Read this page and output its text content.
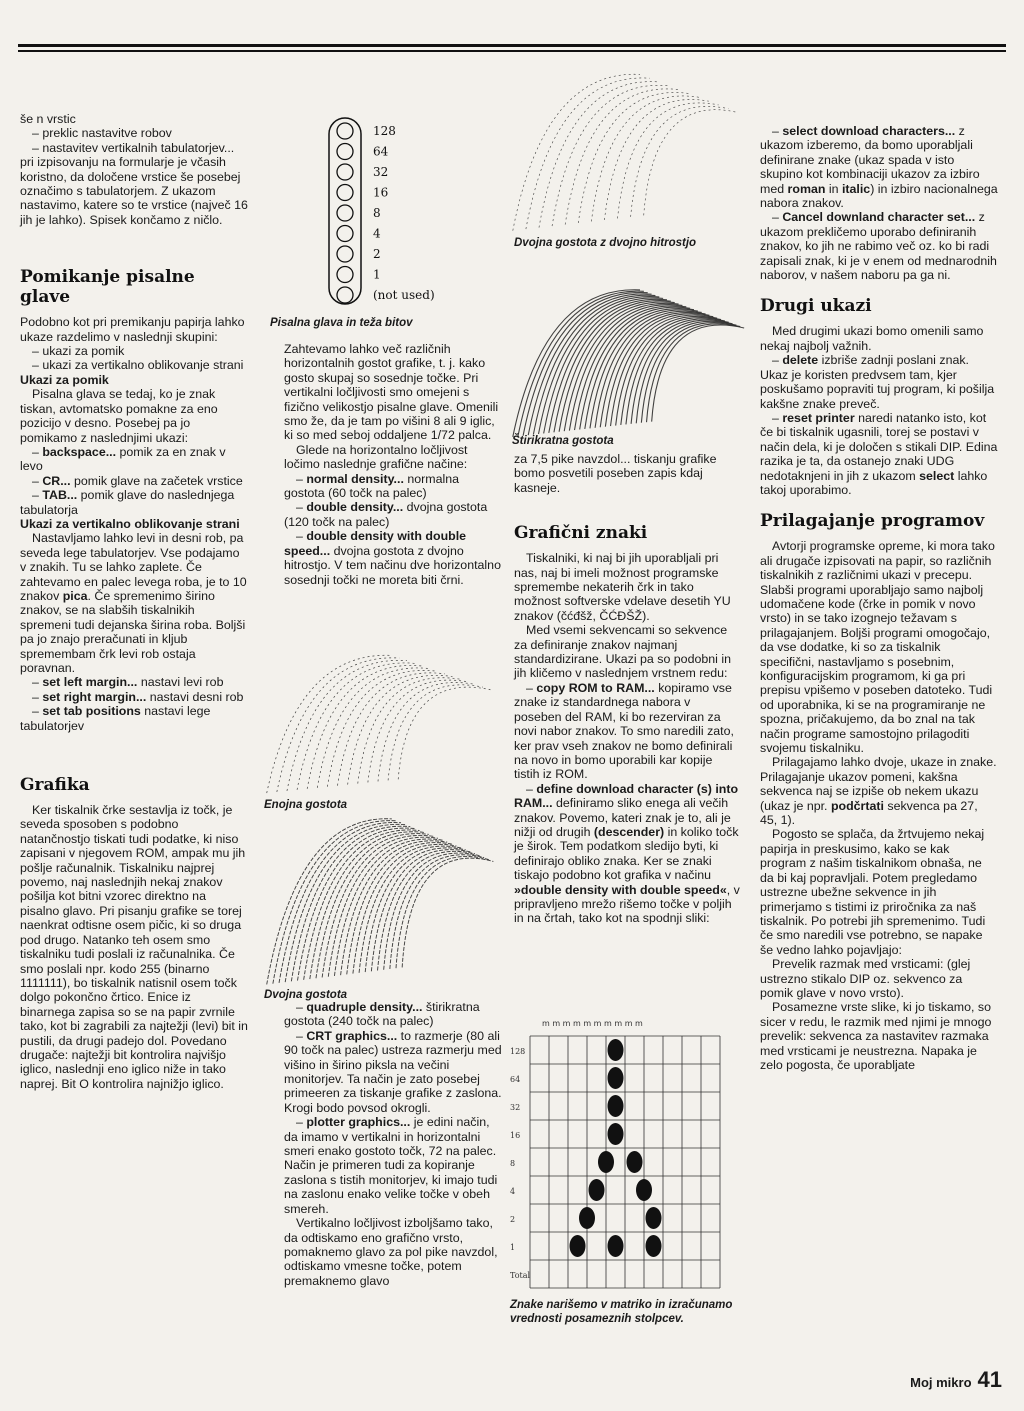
še n vrstic

– preklic nastavitve robov

– nastavitev vertikalnih tabulatorjev... pri izpisovanju na formularje je včasih koristno, da določene vrstice še posebej označimo s tabulatorjem. Z ukazom nastavimo, katere so te vrstice (največ 16 jih je lahko). Spisek končamo z ničlo.

Pomikanje pisalne glave

Podobno kot pri premikanju papirja lahko ukaze razdelimo v naslednji skupini:

– ukazi za pomik

– ukazi za vertikalno oblikovanje strani

Ukazi za pomik

Pisalna glava se tedaj, ko je znak tiskan, avtomatsko pomakne za eno pozicijo v desno. Posebej pa jo pomikamo z naslednjimi ukazi:

– backspace... pomik za en znak v levo

– CR... pomik glave na začetek vrstice

– TAB... pomik glave do naslednjega tabulatorja

Ukazi za vertikalno oblikovanje strani

Nastavljamo lahko levi in desni rob, pa seveda lege tabulatorjev. Vse podajamo v znakih. Tu se lahko zaplete. Če zahtevamo en palec levega roba, je to 10 znakov pica. Če spremenimo širino znakov, se na slabših tiskalnikih spremeni tudi dejanska širina roba. Boljši pa jo znajo preračunati in kljub spremembam črk levi rob ostaja poravnan.

– set left margin... nastavi levi rob

– set right margin... nastavi desni rob

– set tab positions nastavi lege tabulatorjev

Grafika

Ker tiskalnik črke sestavlja iz točk, je seveda sposoben s podobno natančnostjo tiskati tudi podatke, ki niso zapisani v njegovem ROM, ampak mu jih pošlje računalnik. Tiskalniku najprej povemo, naj naslednjih nekaj znakov pošilja kot bitni vzorec direktno na pisalno glavo. Pri pisanju grafike se torej naenkrat odtisne osem pičic, ki so druga pod drugo. Natanko teh osem smo tiskalniku tudi poslali iz računalnika. Če smo poslali npr. kodo 255 (binarno 1111111), bo tiskalnik natisnil osem točk dolgo pokončno črtico. Enice iz binarnega zapisa so se na papir zvrnile tako, kot bi zagrabili za najtežji (levi) bit in pustili, da drugi padejo dol. Povedano drugače: najtežji bit kontrolira najvišjo iglico, naslednji eno iglico niže in tako naprej. Bit O kontrolira najnižjo iglico.

128
64
32
16
8
4
2
1
(not used)
Pisalna glava in teža bitov

Zahtevamo lahko več različnih horizontalnih gostot grafike, t. j. kako gosto skupaj so sosednje točke. Pri vertikalni ločljivosti smo omejeni s fizično velikostjo pisalne glave. Omenili smo že, da je tam po višini 8 ali 9 iglic, ki so med seboj oddaljene 1/72 palca.

Glede na horizontalno ločljivost ločimo naslednje grafične načine:

– normal density... normalna gostota (60 točk na palec)

– double density... dvojna gostota (120 točk na palec)

– double density with double speed... dvojna gostota z dvojno hitrostjo. V tem načinu dve horizontalno sosednji točki ne moreta biti črni.

Enojna gostota
Dvojna gostota

– quadruple density... štirikratna gostota (240 točk na palec)

– CRT graphics... to razmerje (80 ali 90 točk na palec) ustreza razmerju med višino in širino piksla na večini monitorjev. Ta način je zato posebej primeeren za tiskanje grafike z zaslona. Krogi bodo povsod okrogli.

– plotter graphics... je edini način, da imamo v vertikalni in horizontalni smeri enako gostoto točk, 72 na palec. Način je primeren tudi za kopiranje zaslona s tistih monitorjev, ki imajo tudi na zaslonu enako velike točke v obeh smereh.

Vertikalno ločljivost izboljšamo tako, da odtiskamo eno grafično vrsto, pomaknemo glavo za pol pike navzdol, odtiskamo vmesne točke, potem premaknemo glavo

Dvojna gostota z dvojno hitrostjo
Štirikratna gostota

za 7,5 pike navzdol... tiskanju grafike bomo posvetili poseben zapis kdaj kasneje.

Grafični znaki

Tiskalniki, ki naj bi jih uporabljali pri nas, naj bi imeli možnost programske spremembe nekaterih črk in tako možnost softverske vdelave desetih YU znakov (čćđšž, ČĆĐŠŽ).

Med vsemi sekvencami so sekvence za definiranje znakov najmanj standardizirane. Ukazi pa so podobni in jih kličemo v naslednjem vrstnem redu:

– copy ROM to RAM... kopiramo vse znake iz standardnega nabora v poseben del RAM, ki bo rezerviran za novi nabor znakov. To smo naredili zato, ker prav vseh znakov ne bomo definirali na novo in bomo uporabili kar kopije tistih iz ROM.

– define download character (s) into RAM... definiramo sliko enega ali večih znakov. Povemo, kateri znak je to, ali je nižji od drugih (descender) in koliko točk je širok. Tem podatkom sledijo byti, ki definirajo obliko znaka. Ker se znaki tiskajo podobno kot grafika v načinu »double density with double speed«, v pripravljeno mrežo rišemo točke v poljih in na črtah, tako kot na spodnji sliki:

m m m m m m m m m m
128
64
32
16
8
4
2
1
Total
Znake narišemo v matriko in izračunamo vrednosti posameznih stolpcev.

– select download characters... z ukazom izberemo, da bomo uporabljali definirane znake (ukaz spada v isto skupino kot kombinaciji ukazov za izbiro med roman in italic) in izbiro nacionalnega nabora znakov.

– Cancel downland character set... z ukazom prekličemo uporabo definiranih znakov, ko jih ne rabimo več oz. ko bi radi zapisali znak, ki je v enem od mednarodnih naborov, v našem naboru pa ga ni.

Drugi ukazi

Med drugimi ukazi bomo omenili samo nekaj najbolj važnih.

– delete izbriše zadnji poslani znak. Ukaz je koristen predvsem tam, kjer poskušamo popraviti tuj program, ki pošilja kakšne znake preveč.

– reset printer naredi natanko isto, kot če bi tiskalnik ugasnili, torej se postavi v način dela, ki je določen s stikali DIP. Edina razika je ta, da ostanejo znaki UDG nedotaknjeni in jih z ukazom select lahko takoj uporabimo.

Prilagajanje programov

Avtorji programske opreme, ki mora tako ali drugače izpisovati na papir, so različnih tiskalnikih z različnimi ukazi v precepu. Slabši programi uporabljajo samo najbolj udomačene kode (črke in pomik v novo vrsto) in se tako izognejo težavam s prilagajanjem. Boljši programi omogočajo, da vse dodatke, ki so za tiskalnik specifični, nastavljamo s posebnim, konfiguracijskim programom, ki ga pri prepisu vpišemo v poseben datoteko. Tudi od uporabnika, ki se na programiranje ne spozna, pričakujemo, da bo znal na tak način programe samostojno prilagoditi svojemu tiskalniku.

Prilagajamo lahko dvoje, ukaze in znake. Prilagajanje ukazov pomeni, kakšna sekvenca naj se izpiše ob nekem ukazu (ukaz je npr. podčrtati sekvenca pa 27, 45, 1).

Pogosto se splača, da žrtvujemo nekaj papirja in preskusimo, kako se kak program z našim tiskalnikom obnaša, ne da bi kaj popravljali. Potem pregledamo ustrezne ubežne sekvence in jih primerjamo s tistimi iz priročnika za naš tiskalnik. Po potrebi jih spremenimo. Tudi če smo naredili vse potrebno, se napake še vedno lahko pojavljajo:

Prevelik razmak med vrsticami: (glej ustrezno stikalo DIP oz. sekvenco za pomik glave v novo vrsto).

Posamezne vrste slike, ki jo tiskamo, so sicer v redu, le razmik med njimi je mnogo prevelik: sekvenca za nastavitev razmaka med vrsticami je neustrezna. Napaka je zelo pogosta, če uporabljate

Moj mikro 41
